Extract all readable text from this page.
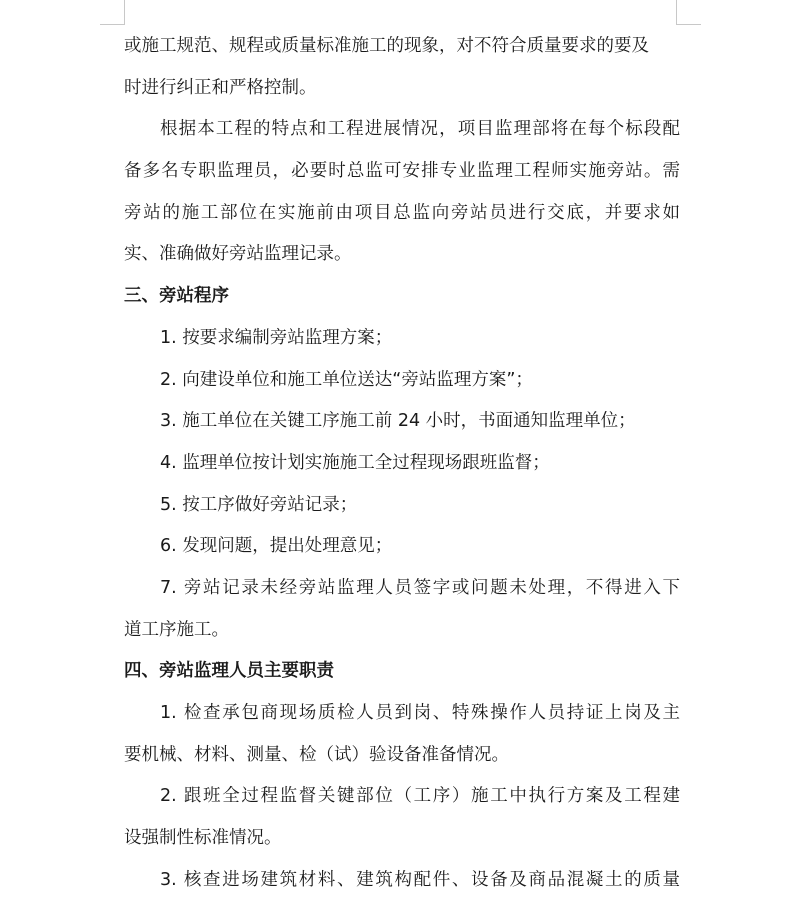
或施工规范、规程或质量标准施工的现象，对不符合质量要求的要及
时进行纠正和严格控制。
根据本工程的特点和工程进展情况，项目监理部将在每个标段配
备多名专职监理员，必要时总监可安排专业监理工程师实施旁站。需
旁站的施工部位在实施前由项目总监向旁站员进行交底，并要求如
实、准确做好旁站监理记录。
三、旁站程序
1. 按要求编制旁站监理方案；
2. 向建设单位和施工单位送达“旁站监理方案”；
3. 施工单位在关键工序施工前 24 小时，书面通知监理单位；
4. 监理单位按计划实施施工全过程现场跟班监督；
5. 按工序做好旁站记录；
6. 发现问题，提出处理意见；
7. 旁站记录未经旁站监理人员签字或问题未处理，不得进入下
道工序施工。
四、旁站监理人员主要职责
1. 检查承包商现场质检人员到岗、特殊操作人员持证上岗及主
要机械、材料、测量、检（试）验设备准备情况。
2. 跟班全过程监督关键部位（工序）施工中执行方案及工程建
设强制性标准情况。
3. 核查进场建筑材料、建筑构配件、设备及商品混凝土的质量
